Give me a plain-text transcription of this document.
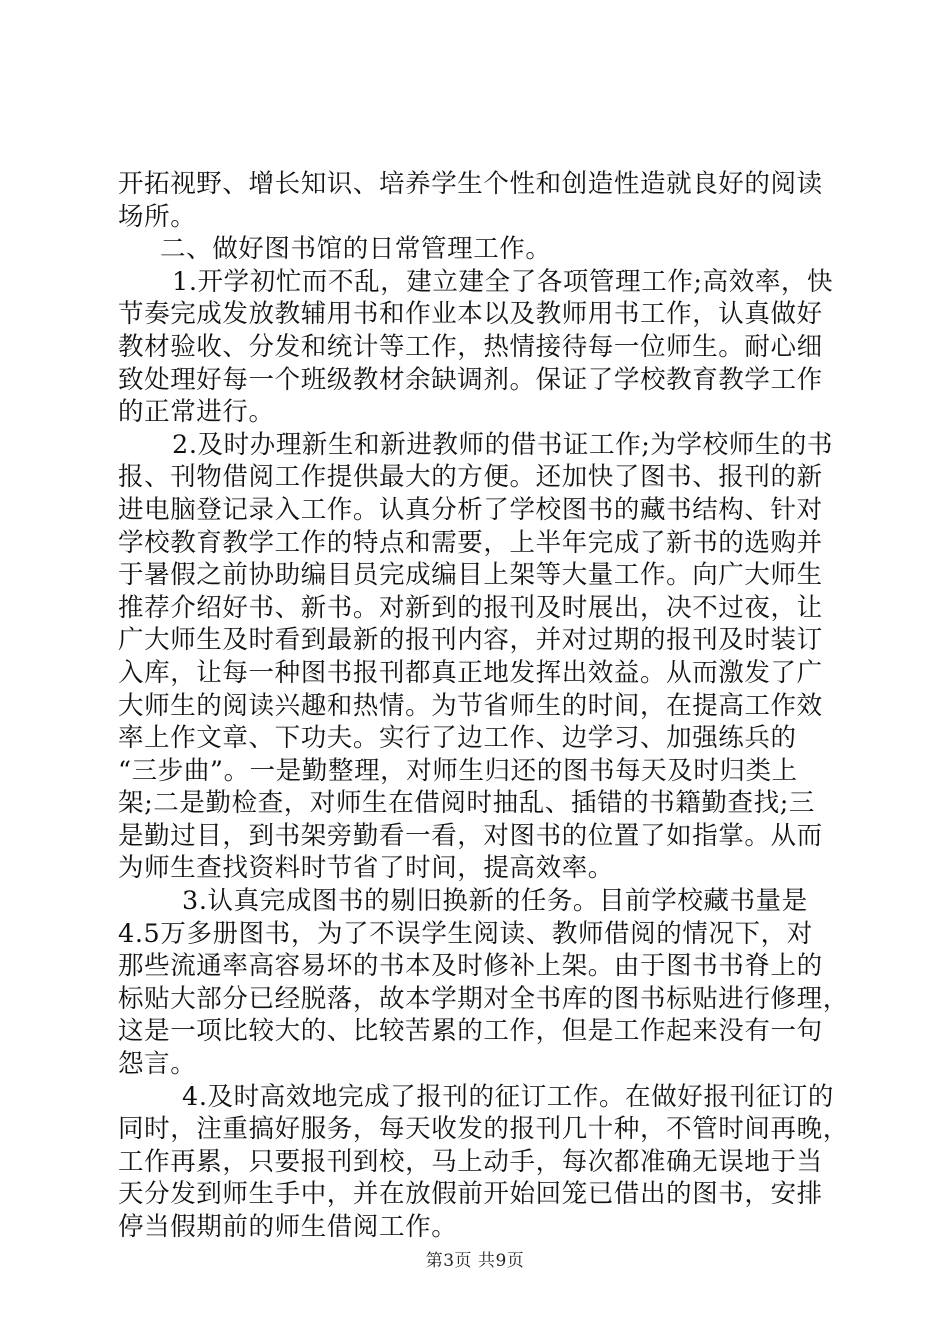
开拓视野、增长知识、培养学生个性和创造性造就良好的阅读
场所。
二、做好图书馆的日常管理工作。
1.开学初忙而不乱，建立建全了各项管理工作;高效率，快
节奏完成发放教辅用书和作业本以及教师用书工作，认真做好
教材验收、分发和统计等工作，热情接待每一位师生。耐心细
致处理好每一个班级教材余缺调剂。保证了学校教育教学工作
的正常进行。
2.及时办理新生和新进教师的借书证工作;为学校师生的书
报、刊物借阅工作提供最大的方便。还加快了图书、报刊的新
进电脑登记录入工作。认真分析了学校图书的藏书结构、针对
学校教育教学工作的特点和需要，上半年完成了新书的选购并
于暑假之前协助编目员完成编目上架等大量工作。向广大师生
推荐介绍好书、新书。对新到的报刊及时展出，决不过夜，让
广大师生及时看到最新的报刊内容，并对过期的报刊及时装订
入库，让每一种图书报刊都真正地发挥出效益。从而激发了广
大师生的阅读兴趣和热情。为节省师生的时间，在提高工作效
率上作文章、下功夫。实行了边工作、边学习、加强练兵的
“三步曲”。一是勤整理，对师生归还的图书每天及时归类上
架;二是勤检查，对师生在借阅时抽乱、插错的书籍勤查找;三
是勤过目，到书架旁勤看一看，对图书的位置了如指掌。从而
为师生查找资料时节省了时间，提高效率。
3.认真完成图书的剔旧换新的任务。目前学校藏书量是
4.5万多册图书，为了不误学生阅读、教师借阅的情况下，对
那些流通率高容易坏的书本及时修补上架。由于图书书脊上的
标贴大部分已经脱落，故本学期对全书库的图书标贴进行修理，
这是一项比较大的、比较苦累的工作，但是工作起来没有一句
怨言。
4.及时高效地完成了报刊的征订工作。在做好报刊征订的
同时，注重搞好服务，每天收发的报刊几十种，不管时间再晚，
工作再累，只要报刊到校，马上动手，每次都准确无误地于当
天分发到师生手中，并在放假前开始回笼已借出的图书，安排
停当假期前的师生借阅工作。
第3页 共9页
